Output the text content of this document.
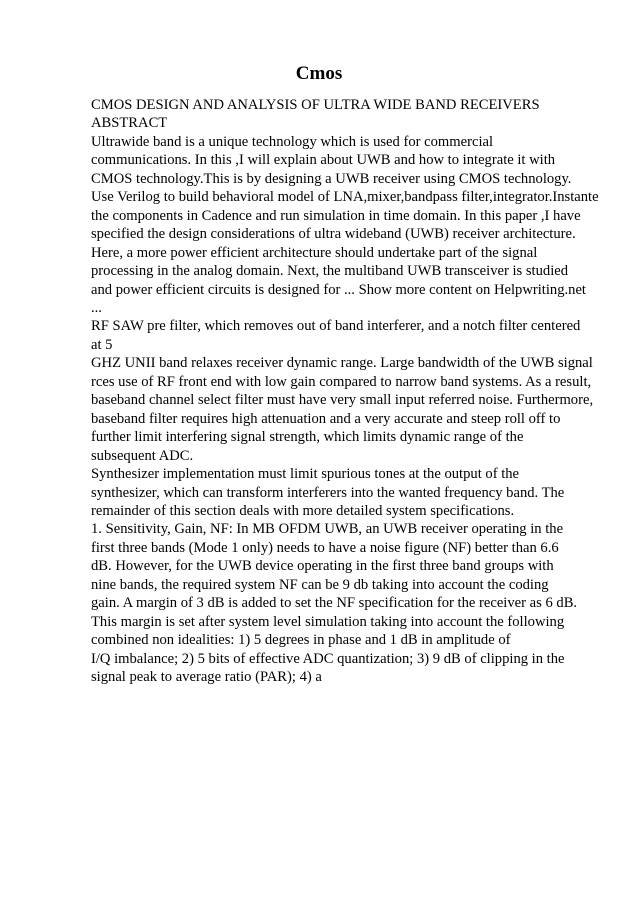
Cmos
CMOS DESIGN AND ANALYSIS OF ULTRA WIDE BAND RECEIVERS
ABSTRACT
Ultrawide band is a unique technology which is used for commercial
communications. In this ,I will explain about UWB and how to integrate it with
CMOS technology.This is by designing a UWB receiver using CMOS technology.
Use Verilog to build behavioral model of LNA,mixer,bandpass filter,integrator.Instante
the components in Cadence and run simulation in time domain. In this paper ,I have
specified the design considerations of ultra wideband (UWB) receiver architecture.
Here, a more power efficient architecture should undertake part of the signal
processing in the analog domain. Next, the multiband UWB transceiver is studied
and power efficient circuits is designed for ... Show more content on Helpwriting.net
...
RF SAW pre filter, which removes out of band interferer, and a notch filter centered
at 5
GHZ UNII band relaxes receiver dynamic range. Large bandwidth of the UWB signal
rces use of RF front end with low gain compared to narrow band systems. As a result,
baseband channel select filter must have very small input referred noise. Furthermore,
baseband filter requires high attenuation and a very accurate and steep roll off to
further limit interfering signal strength, which limits dynamic range of the
subsequent ADC.
Synthesizer implementation must limit spurious tones at the output of the
synthesizer, which can transform interferers into the wanted frequency band. The
remainder of this section deals with more detailed system specifications.
1. Sensitivity, Gain, NF: In MB OFDM UWB, an UWB receiver operating in the
first three bands (Mode 1 only) needs to have a noise figure (NF) better than 6.6
dB. However, for the UWB device operating in the first three band groups with
nine bands, the required system NF can be 9 db taking into account the coding
gain. A margin of 3 dB is added to set the NF specification for the receiver as 6 dB.
This margin is set after system level simulation taking into account the following
combined non idealities: 1) 5 degrees in phase and 1 dB in amplitude of
I/Q imbalance; 2) 5 bits of effective ADC quantization; 3) 9 dB of clipping in the
signal peak to average ratio (PAR); 4) a
